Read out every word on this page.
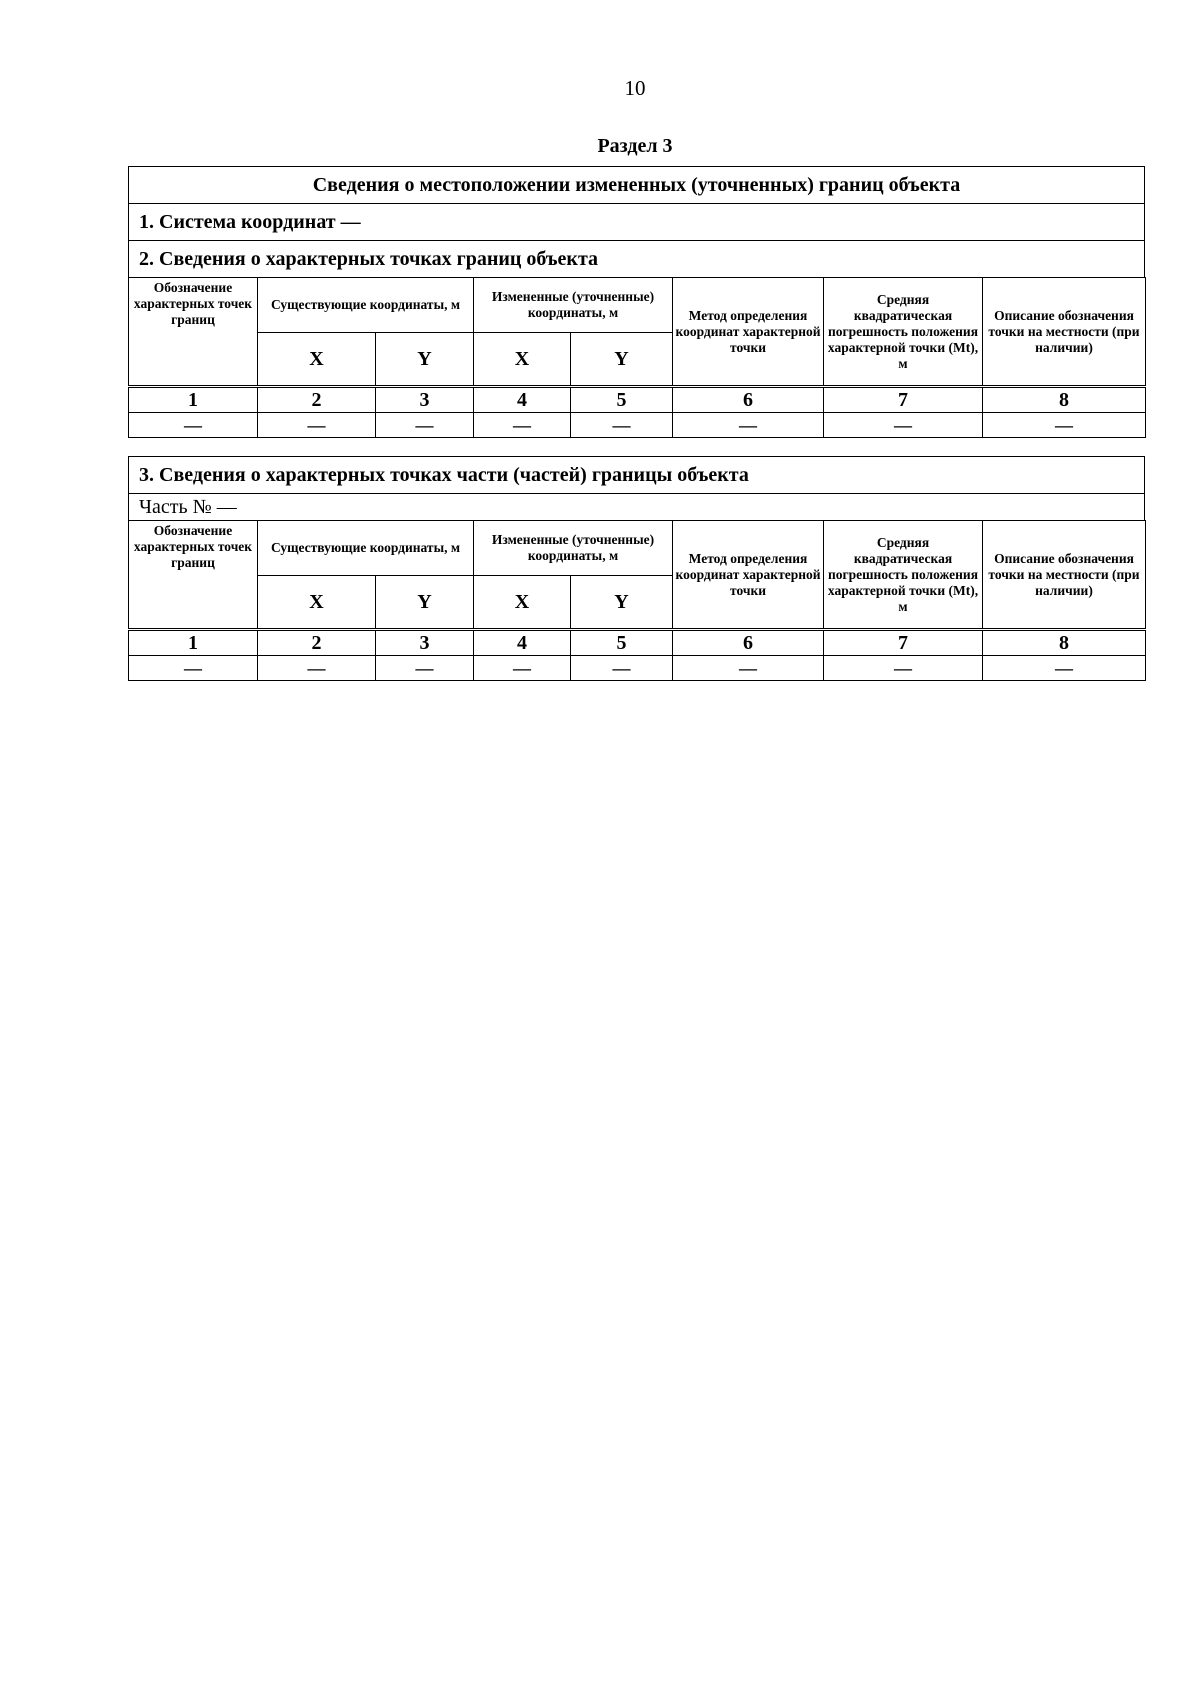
10
Раздел 3
Сведения о местоположении измененных (уточненных) границ объекта
1. Система координат —
2. Сведения о характерных точках границ объекта
Обозначение характерных точек границ	Существующие координаты, м		Измененные (уточненные) координаты, м		Метод определения координат характерной точки	Средняя квадратическая погрешность положения характерной точки (Mt), м	Описание обозначения точки на местности (при наличии)
	X	Y	X	Y			
1	2	3	4	5	6	7	8
—	—	—	—	—	—	—	—
3. Сведения о характерных точках части (частей) границы объекта
Часть № —
Обозначение характерных точек границ	Существующие координаты, м		Измененные (уточненные) координаты, м		Метод определения координат характерной точки	Средняя квадратическая погрешность положения характерной точки (Mt), м	Описание обозначения точки на местности (при наличии)
	X	Y	X	Y			
1	2	3	4	5	6	7	8
—	—	—	—	—	—	—	—
